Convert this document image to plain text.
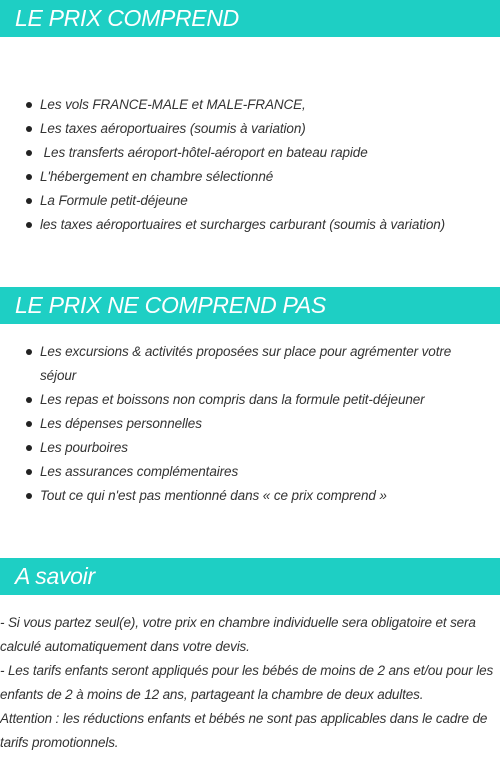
LE PRIX COMPREND
Les vols FRANCE-MALE et MALE-FRANCE,
Les taxes aéroportuaires (soumis à variation)
Les transferts aéroport-hôtel-aéroport en bateau rapide
L'hébergement en chambre sélectionné
La Formule petit-déjeune
les taxes aéroportuaires et surcharges carburant (soumis à variation)
LE PRIX NE COMPREND PAS
Les excursions & activités proposées sur place pour agrémenter votre séjour
Les repas et boissons non compris dans la formule petit-déjeuner
Les dépenses personnelles
Les pourboires
Les assurances complémentaires
Tout ce qui n'est pas mentionné dans « ce prix comprend »
A savoir

- Si vous partez seul(e), votre prix en chambre individuelle sera obligatoire et sera calculé automatiquement dans votre devis.

- Les tarifs enfants seront appliqués pour les bébés de moins de 2 ans et/ou pour les enfants de 2 à moins de 12 ans, partageant la chambre de deux adultes.

Attention : les réductions enfants et bébés ne sont pas applicables dans le cadre de tarifs promotionnels.
